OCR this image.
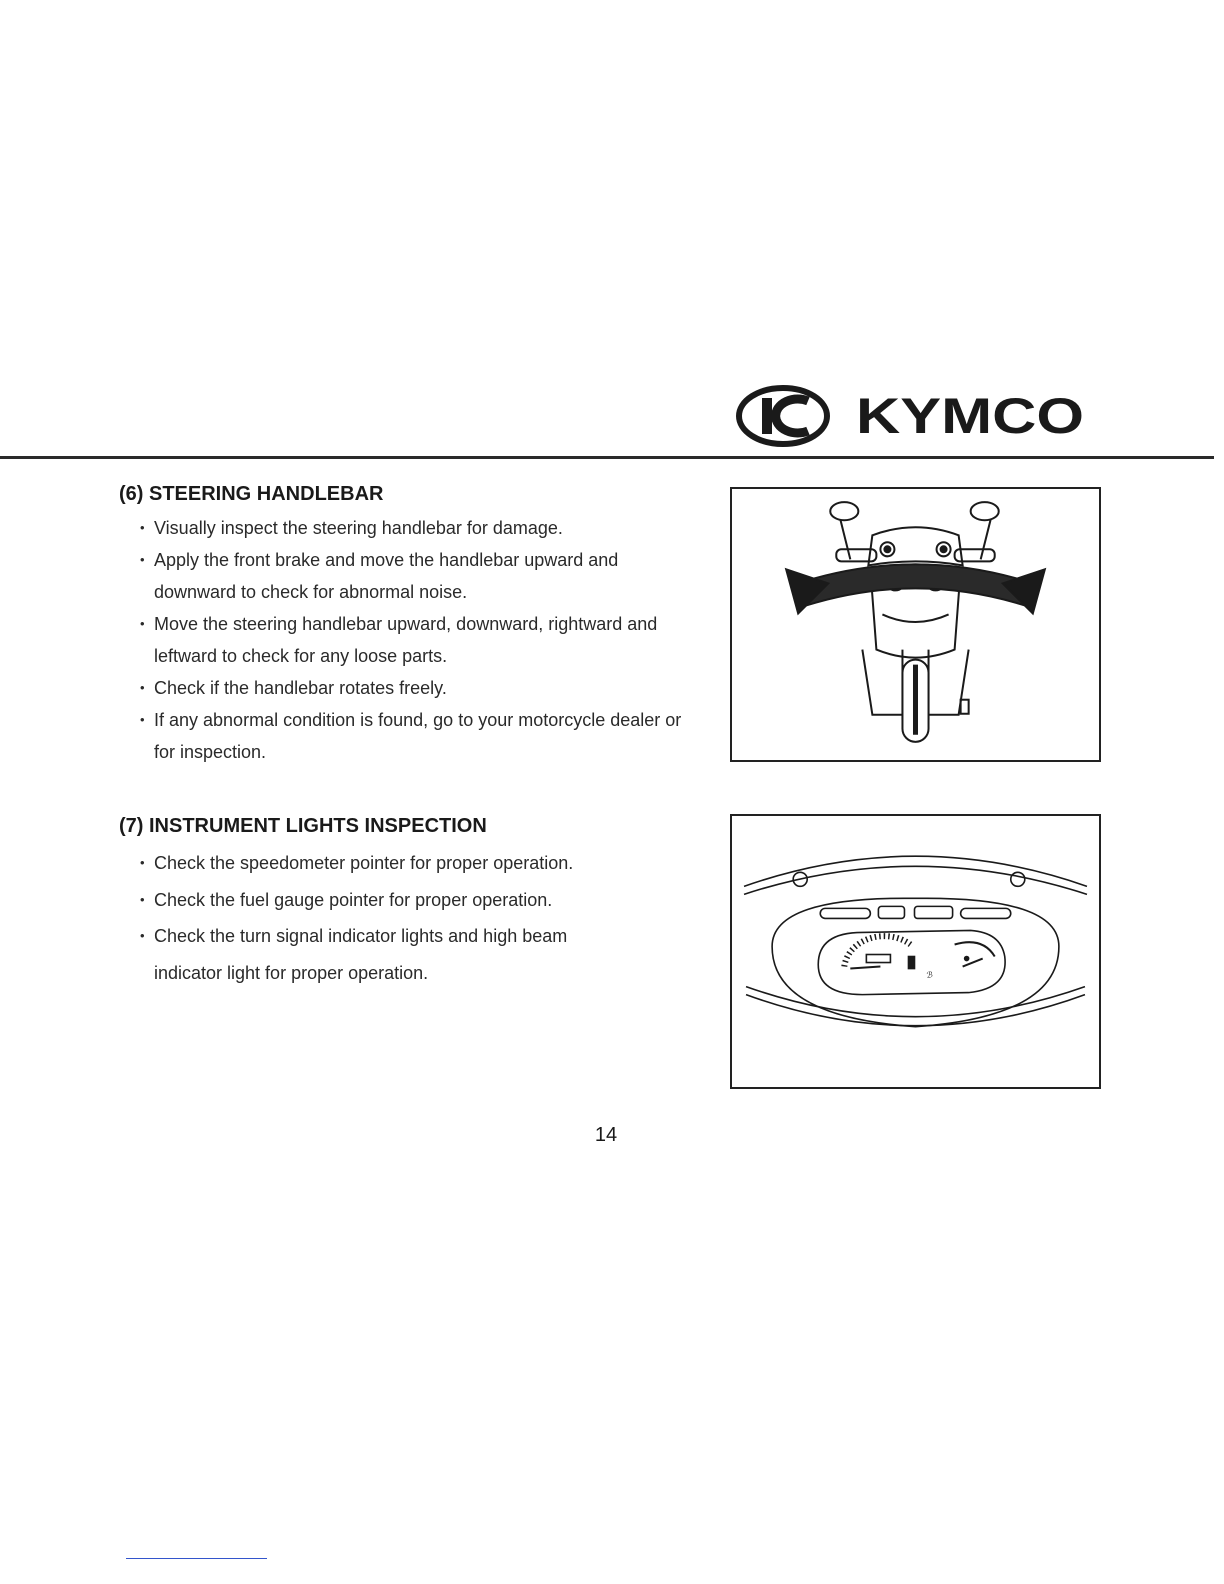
KYMCO
(6) STEERING HANDLEBAR
• Visually inspect the steering handlebar for damage.
• Apply the front brake and move the handlebar upward and downward to check for abnormal noise.
• Move the steering handlebar upward, downward, rightward and leftward to check for any loose parts.
• Check if the handlebar rotates freely.
• If any abnormal condition is found, go to your motorcycle dealer or for inspection.
(7) INSTRUMENT LIGHTS INSPECTION
• Check the speedometer pointer for proper operation.
• Check the fuel gauge pointer for proper operation.
• Check the turn signal indicator lights and high beam indicator light for proper operation.	ℬ
14
